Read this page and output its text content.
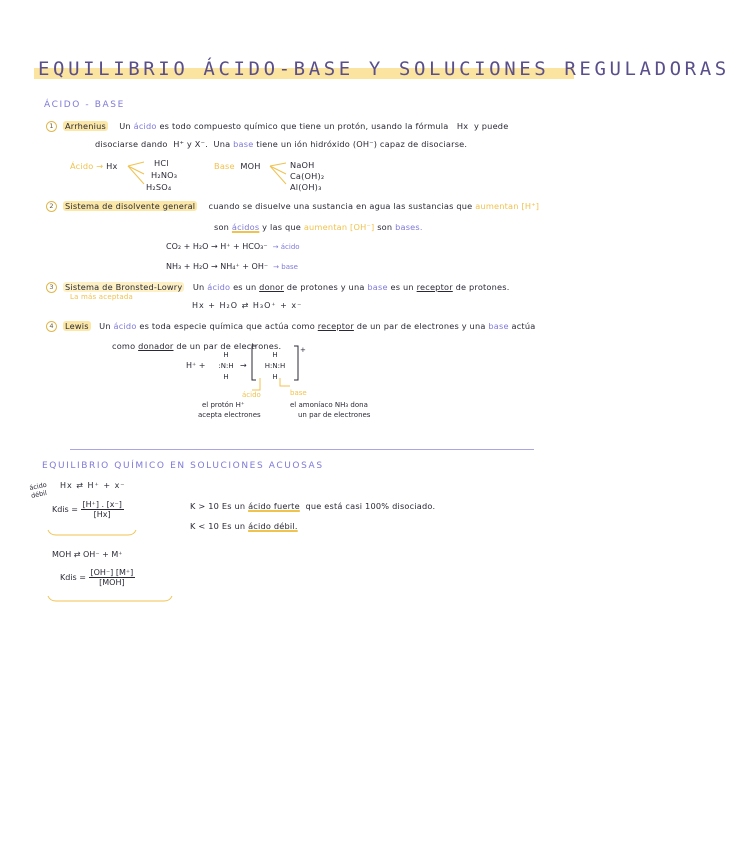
EQUILIBRIO ÁCIDO-BASE Y SOLUCIONES REGULADORAS
ÁCIDO - BASE
1 Arrhenius Un ácido es todo compuesto químico que tiene un protón, usando la fórmula Hx y puede
disociarse dando H⁺ y X⁻. Una base tiene un ión hidróxido (OH⁻) capaz de disociarse.
Ácido → Hx	HCl
H₂NO₃
H₂SO₄
Base MOH	NaOH
Ca(OH)₂
Al(OH)₃
2 Sistema de disolvente general cuando se disuelve una sustancia en agua las sustancias que aumentan [H⁺]
son ácidos y las que aumentan [OH⁻] son bases.
CO₂ + H₂O → H⁺ + HCO₃⁻ → ácido
NH₃ + H₂O → NH₄⁺ + OH⁻ → base
3 Sistema de Bronsted-Lowry Un ácido es un donor de protones y una base es un receptor de protones.
La más aceptada
Hx + H₂O ⇄ H₃O⁺ + x⁻
4 Lewis Un ácido es toda especie química que actúa como receptor de un par de electrones y una base actúa
como donador de un par de electrones.
H⁺ +
H
:N:H
H
→
H
H:N:H
H
+
ácido	base
el protón H⁺
acepta electrones
el amoníaco NH₃ dona
un par de electrones
EQUILIBRIO QUÍMICO EN SOLUCIONES ACUOSAS
ácido débil
Hx ⇄ H⁺ + x⁻
Kdis = $\frac{[H^+] . [x^-]}{[Hx]}$	K > 10 Es un ácido fuerte que está casi 100% disociado.
K < 10 Es un ácido débil.
MOH ⇄ OH⁻ + M⁺
Kdis = $\frac{[OH^-] [M^+]}{\text{[MOH]}}$
